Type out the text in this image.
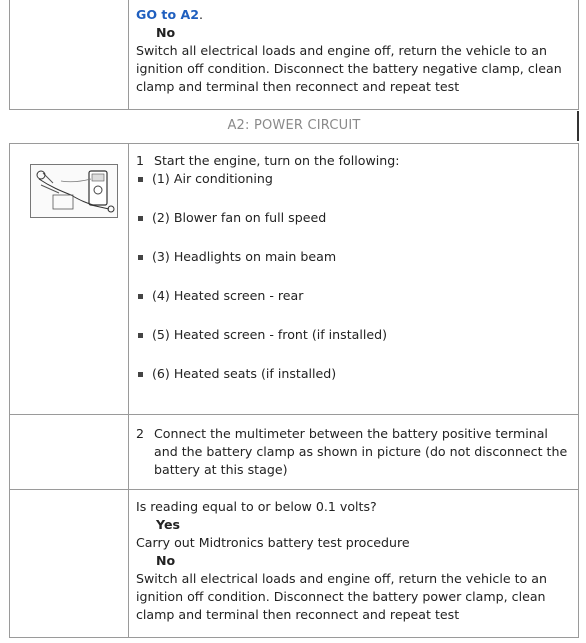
GO to A2.

No

Switch all electrical loads and engine off, return the vehicle to an ignition off condition. Disconnect the battery negative clamp, clean clamp and terminal then reconnect and repeat test

A2: POWER CIRCUIT
1 Start the engine, turn on the following:
(1) Air conditioning
(2) Blower fan on full speed
(3) Headlights on main beam
(4) Heated screen - rear
(5) Heated screen - front (if installed)
(6) Heated seats (if installed)
2 Connect the multimeter between the battery positive terminal and the battery clamp as shown in picture (do not disconnect the battery at this stage)

Is reading equal to or below 0.1 volts?

Yes

Carry out Midtronics battery test procedure

No

Switch all electrical loads and engine off, return the vehicle to an ignition off condition. Disconnect the battery power clamp, clean clamp and terminal then reconnect and repeat test
